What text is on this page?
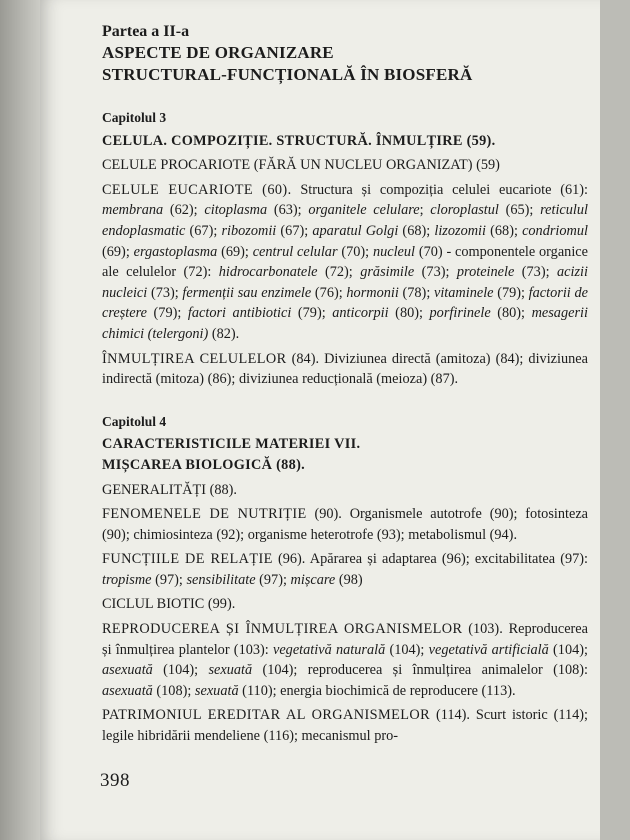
Partea a II-a

ASPECTE DE ORGANIZARE

STRUCTURAL-FUNCȚIONALĂ ÎN BIOSFERĂ

Capitolul 3

CELULA. COMPOZIȚIE. STRUCTURĂ. ÎNMULȚIRE (59).

CELULE PROCARIOTE (FĂRĂ UN NUCLEU ORGANIZAT) (59)

CELULE EUCARIOTE (60). Structura și compoziția celulei eucariote (61): membrana (62); citoplasma (63); organitele celulare; cloroplastul (65); reticulul endoplasmatic (67); ribozomii (67); aparatul Golgi (68); lizozomii (68); condriomul (69); ergastoplasma (69); centrul celular (70); nucleul (70) - componentele organice ale celulelor (72): hidrocarbonatele (72); grăsimile (73); proteinele (73); acizii nucleici (73); fermenții sau enzimele (76); hormonii (78); vitaminele (79); factorii de creștere (79); factori antibiotici (79); anticorpii (80); porfirinele (80); mesagerii chimici (telergoni) (82).

ÎNMULȚIREA CELULELOR (84). Diviziunea directă (amitoza) (84); diviziunea indirectă (mitoza) (86); diviziunea reducțională (meioza) (87).

Capitolul 4

CARACTERISTICILE MATERIEI VII.

MIȘCAREA BIOLOGICĂ (88).

GENERALITĂȚI (88).

FENOMENELE DE NUTRIȚIE (90). Organismele autotrofe (90); fotosinteza (90); chimiosinteza (92); organisme heterotrofe (93); metabolismul (94).

FUNCȚIILE DE RELAȚIE (96). Apărarea și adaptarea (96); excitabilitatea (97): tropisme (97); sensibilitate (97); mișcare (98)

CICLUL BIOTIC (99).

REPRODUCEREA ȘI ÎNMULȚIREA ORGANISMELOR (103). Reproducerea și înmulțirea plantelor (103): vegetativă naturală (104); vegetativă artificială (104); asexuată (104); sexuată (104); reproducerea și înmulțirea animalelor (108): asexuată (108); sexuată (110); energia biochimică de reproducere (113).

PATRIMONIUL EREDITAR AL ORGANISMELOR (114). Scurt istoric (114); legile hibridării mendeliene (116); mecanismul pro-

398
